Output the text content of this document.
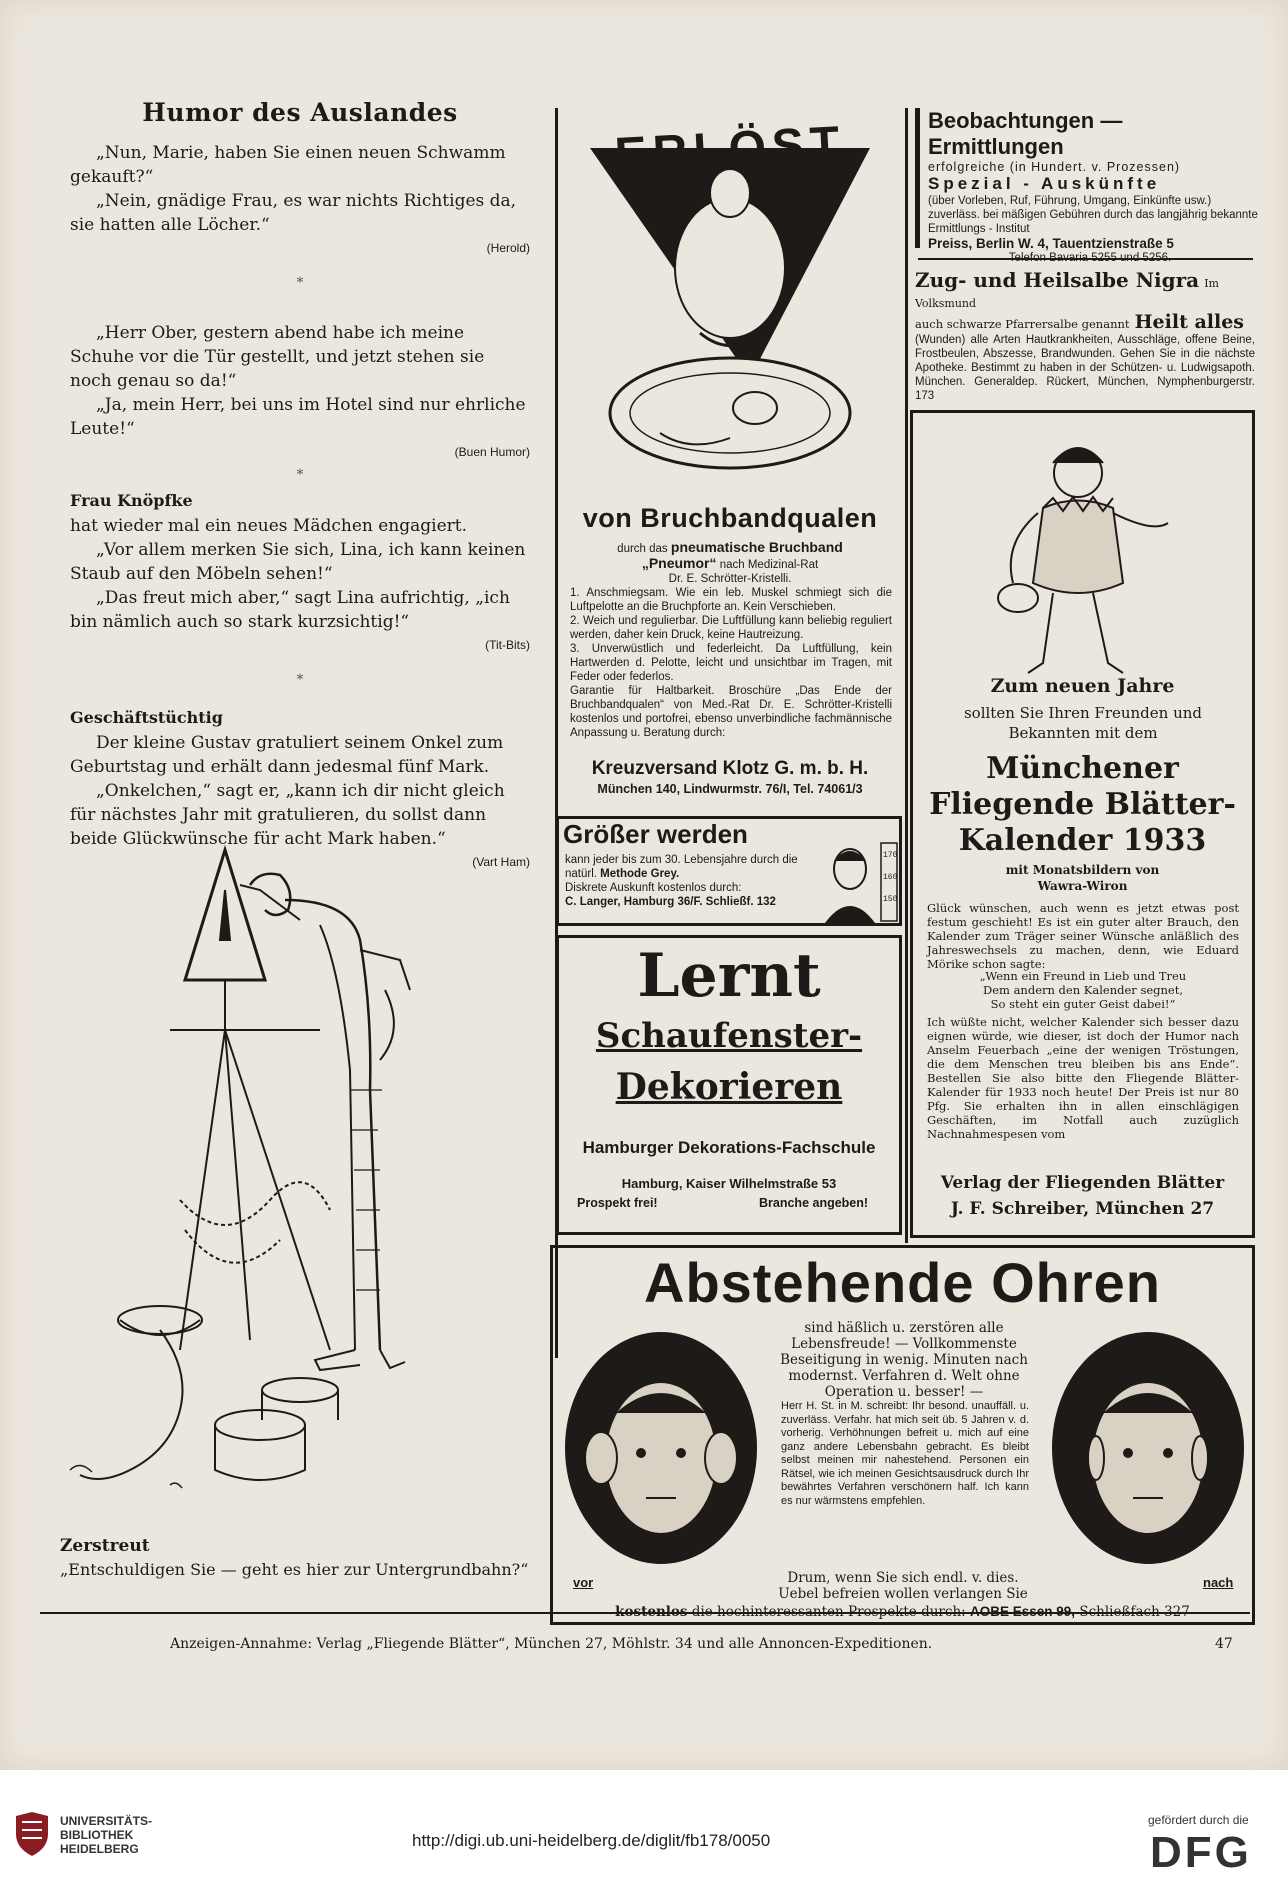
Humor des Auslandes

„Nun, Marie, haben Sie einen neuen Schwamm gekauft?“

„Nein, gnädige Frau, es war nichts Richtiges da, sie hatten alle Löcher.“

(Herold)
*

„Herr Ober, gestern abend habe ich meine Schuhe vor die Tür gestellt, und jetzt stehen sie noch genau so da!“

„Ja, mein Herr, bei uns im Hotel sind nur ehrliche Leute!“

(Buen Humor)
*
Frau Knöpfke

hat wieder mal ein neues Mädchen engagiert.

„Vor allem merken Sie sich, Lina, ich kann keinen Staub auf den Möbeln sehen!“

„Das freut mich aber,“ sagt Lina aufrichtig, „ich bin nämlich auch so stark kurzsichtig!“

(Tit-Bits)
*
Geschäftstüchtig

Der kleine Gustav gratuliert seinem Onkel zum Geburtstag und erhält dann jedesmal fünf Mark.

„Onkelchen,“ sagt er, „kann ich dir nicht gleich für nächstes Jahr mit gratulieren, du sollst dann beide Glückwünsche für acht Mark haben.“

(Vart Ham)
Zerstreut
„Entschuldigen Sie — geht es hier zur Untergrundbahn?“
ERLÖST
von Bruchbandqualen
durch das pneumatische Bruchband
„Pneumor“ nach Medizinal-Rat
Dr. E. Schrötter-Kristelli.
1. Anschmiegsam. Wie ein leb. Muskel schmiegt sich die Luftpelotte an die Bruchpforte an. Kein Verschieben.
2. Weich und regulierbar. Die Luftfüllung kann beliebig reguliert werden, daher kein Druck, keine Hautreizung.
3. Unverwüstlich und federleicht. Da Luftfüllung, kein Hartwerden d. Pelotte, leicht und unsichtbar im Tragen, mit Feder oder federlos.
Garantie für Haltbarkeit. Broschüre „Das Ende der Bruchbandqualen“ von Med.-Rat Dr. E. Schrötter-Kristelli kostenlos und portofrei, ebenso unverbindliche fachmännische Anpassung u. Beratung durch:
Kreuzversand Klotz G. m. b. H.
München 140, Lindwurmstr. 76/I, Tel. 74061/3
Größer werden
kann jeder bis zum 30. Lebensjahre durch die natürl. Methode Grey.
Diskrete Auskunft kostenlos durch:
C. Langer, Hamburg 36/F. Schließf. 132
170
160
150
Lernt
Schaufenster-
Dekorieren
Hamburger Dekorations-Fachschule
Hamburg, Kaiser Wilhelmstraße 53
Prospekt frei!	Branche angeben!
Beobachtungen — Ermittlungen
erfolgreiche (in Hundert. v. Prozessen)
Spezial - Auskünfte
(über Vorleben, Ruf, Führung, Umgang, Einkünfte usw.) zuverläss. bei mäßigen Gebühren durch das langjährig bekannte Ermittlungs - Institut
Preiss, Berlin W. 4, Tauentzienstraße 5
Zug- und Heilsalbe Nigra Im Volksmund
auch schwarze Pfarrersalbe genannt Heilt alles
(Wunden) alle Arten Hautkrankheiten, Ausschläge, offene Beine, Frostbeulen, Abszesse, Brandwunden. Gehen Sie in die nächste Apotheke. Bestimmt zu haben in der Schützen- u. Ludwigsapoth. München. Generaldep. Rückert, München, Nymphenburgerstr. 173
Zum neuen Jahre
sollten Sie Ihren Freunden und Bekannten mit dem
Münchener
Fliegende Blätter-
Kalender 1933
mit Monatsbildern von
Wawra-Wiron
Glück wünschen, auch wenn es jetzt etwas post festum geschieht! Es ist ein guter alter Brauch, den Kalender zum Träger seiner Wünsche anläßlich des Jahreswechsels zu machen, denn, wie Eduard Mörike schon sagte:
„Wenn ein Freund in Lieb und Treu
Dem andern den Kalender segnet,
So steht ein guter Geist dabei!“
Ich wüßte nicht, welcher Kalender sich besser dazu eignen würde, wie dieser, ist doch der Humor nach Anselm Feuerbach „eine der wenigen Tröstungen, die dem Menschen treu bleiben bis ans Ende“. Bestellen Sie also bitte den Fliegende Blätter-Kalender für 1933 noch heute! Der Preis ist nur 80 Pfg. Sie erhalten ihn in allen einschlägigen Geschäften, im Notfall auch zuzüglich Nachnahmespesen vom
Verlag der Fliegenden Blätter
J. F. Schreiber, München 27
Abstehende Ohren
sind häßlich u. zerstören alle Lebensfreude! — Vollkommenste Beseitigung in wenig. Minuten nach modernst. Verfahren d. Welt ohne Operation u. besser! —
Herr H. St. in M. schreibt: Ihr besond. unauffäll. u. zuverläss. Verfahr. hat mich seit üb. 5 Jahren v. d. vorherig. Verhöhnungen befreit u. mich auf eine ganz andere Lebensbahn gebracht. Es bleibt selbst meinen mir nahestehend. Personen ein Rätsel, wie ich meinen Gesichtsausdruck durch Ihr bewährtes Verfahren verschönern half. Ich kann es nur wärmstens empfehlen.
vor	nach
Drum, wenn Sie sich endl. v. dies.
Uebel befreien wollen verlangen Sie
kostenlos die hochinteressanten Prospekte durch: AOBE Essen 99, Schließfach 327
Anzeigen-Annahme: Verlag „Fliegende Blätter“, München 27, Möhlstr. 34 und alle Annoncen-Expeditionen.	47
UNIVERSITÄTS-
BIBLIOTHEK
HEIDELBERG	http://digi.ub.uni-heidelberg.de/diglit/fb178/0050
gefördert durch die
DFG
